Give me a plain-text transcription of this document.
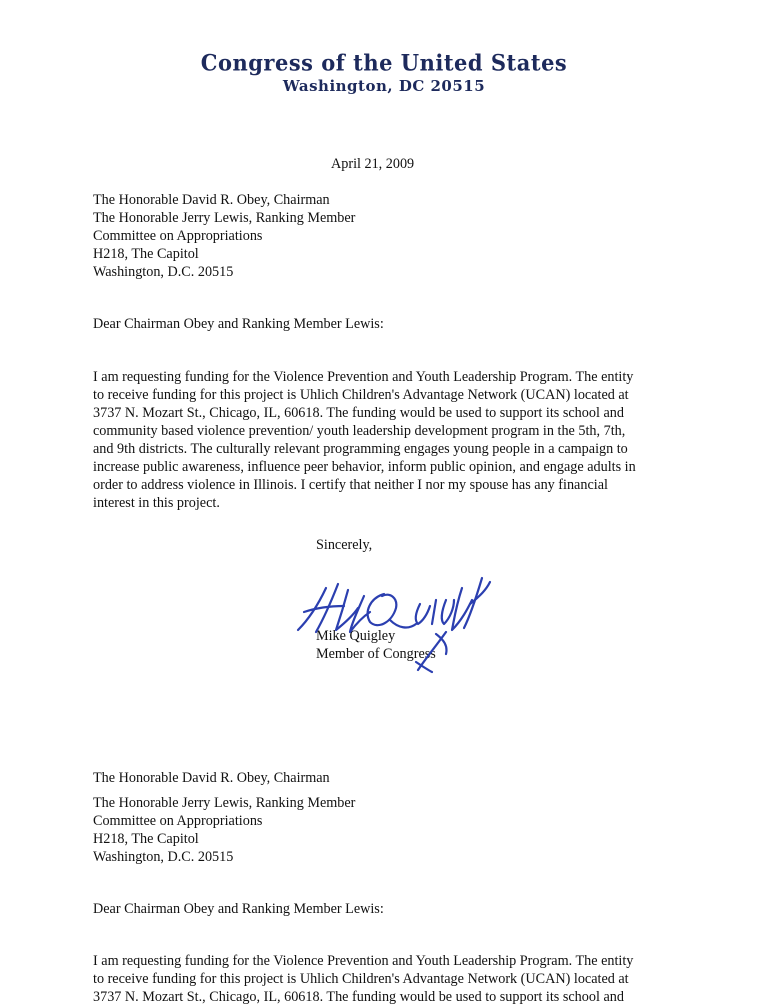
Congress of the United States
Washington, DC 20515
April 21, 2009
The Honorable David R. Obey, Chairman
The Honorable Jerry Lewis, Ranking Member
Committee on Appropriations
H218, The Capitol
Washington, D.C. 20515
Dear Chairman Obey and Ranking Member Lewis:
I am requesting funding for the Violence Prevention and Youth Leadership Program. The entity
to receive funding for this project is Uhlich Children's Advantage Network (UCAN) located at
3737 N. Mozart St., Chicago, IL, 60618. The funding would be used to support its school and
community based violence prevention/ youth leadership development program in the 5th, 7th,
and 9th districts. The culturally relevant programming engages young people in a campaign to
increase public awareness, influence peer behavior, inform public opinion, and engage adults in
order to address violence in Illinois. I certify that neither I nor my spouse has any financial
interest in this project.
Sincerely,
Mike Quigley
Member of Congress
The Honorable David R. Obey, Chairman
The Honorable Jerry Lewis, Ranking Member
Committee on Appropriations
H218, The Capitol
Washington, D.C. 20515
Dear Chairman Obey and Ranking Member Lewis:
I am requesting funding for the Violence Prevention and Youth Leadership Program. The entity
to receive funding for this project is Uhlich Children's Advantage Network (UCAN) located at
3737 N. Mozart St., Chicago, IL, 60618. The funding would be used to support its school and
